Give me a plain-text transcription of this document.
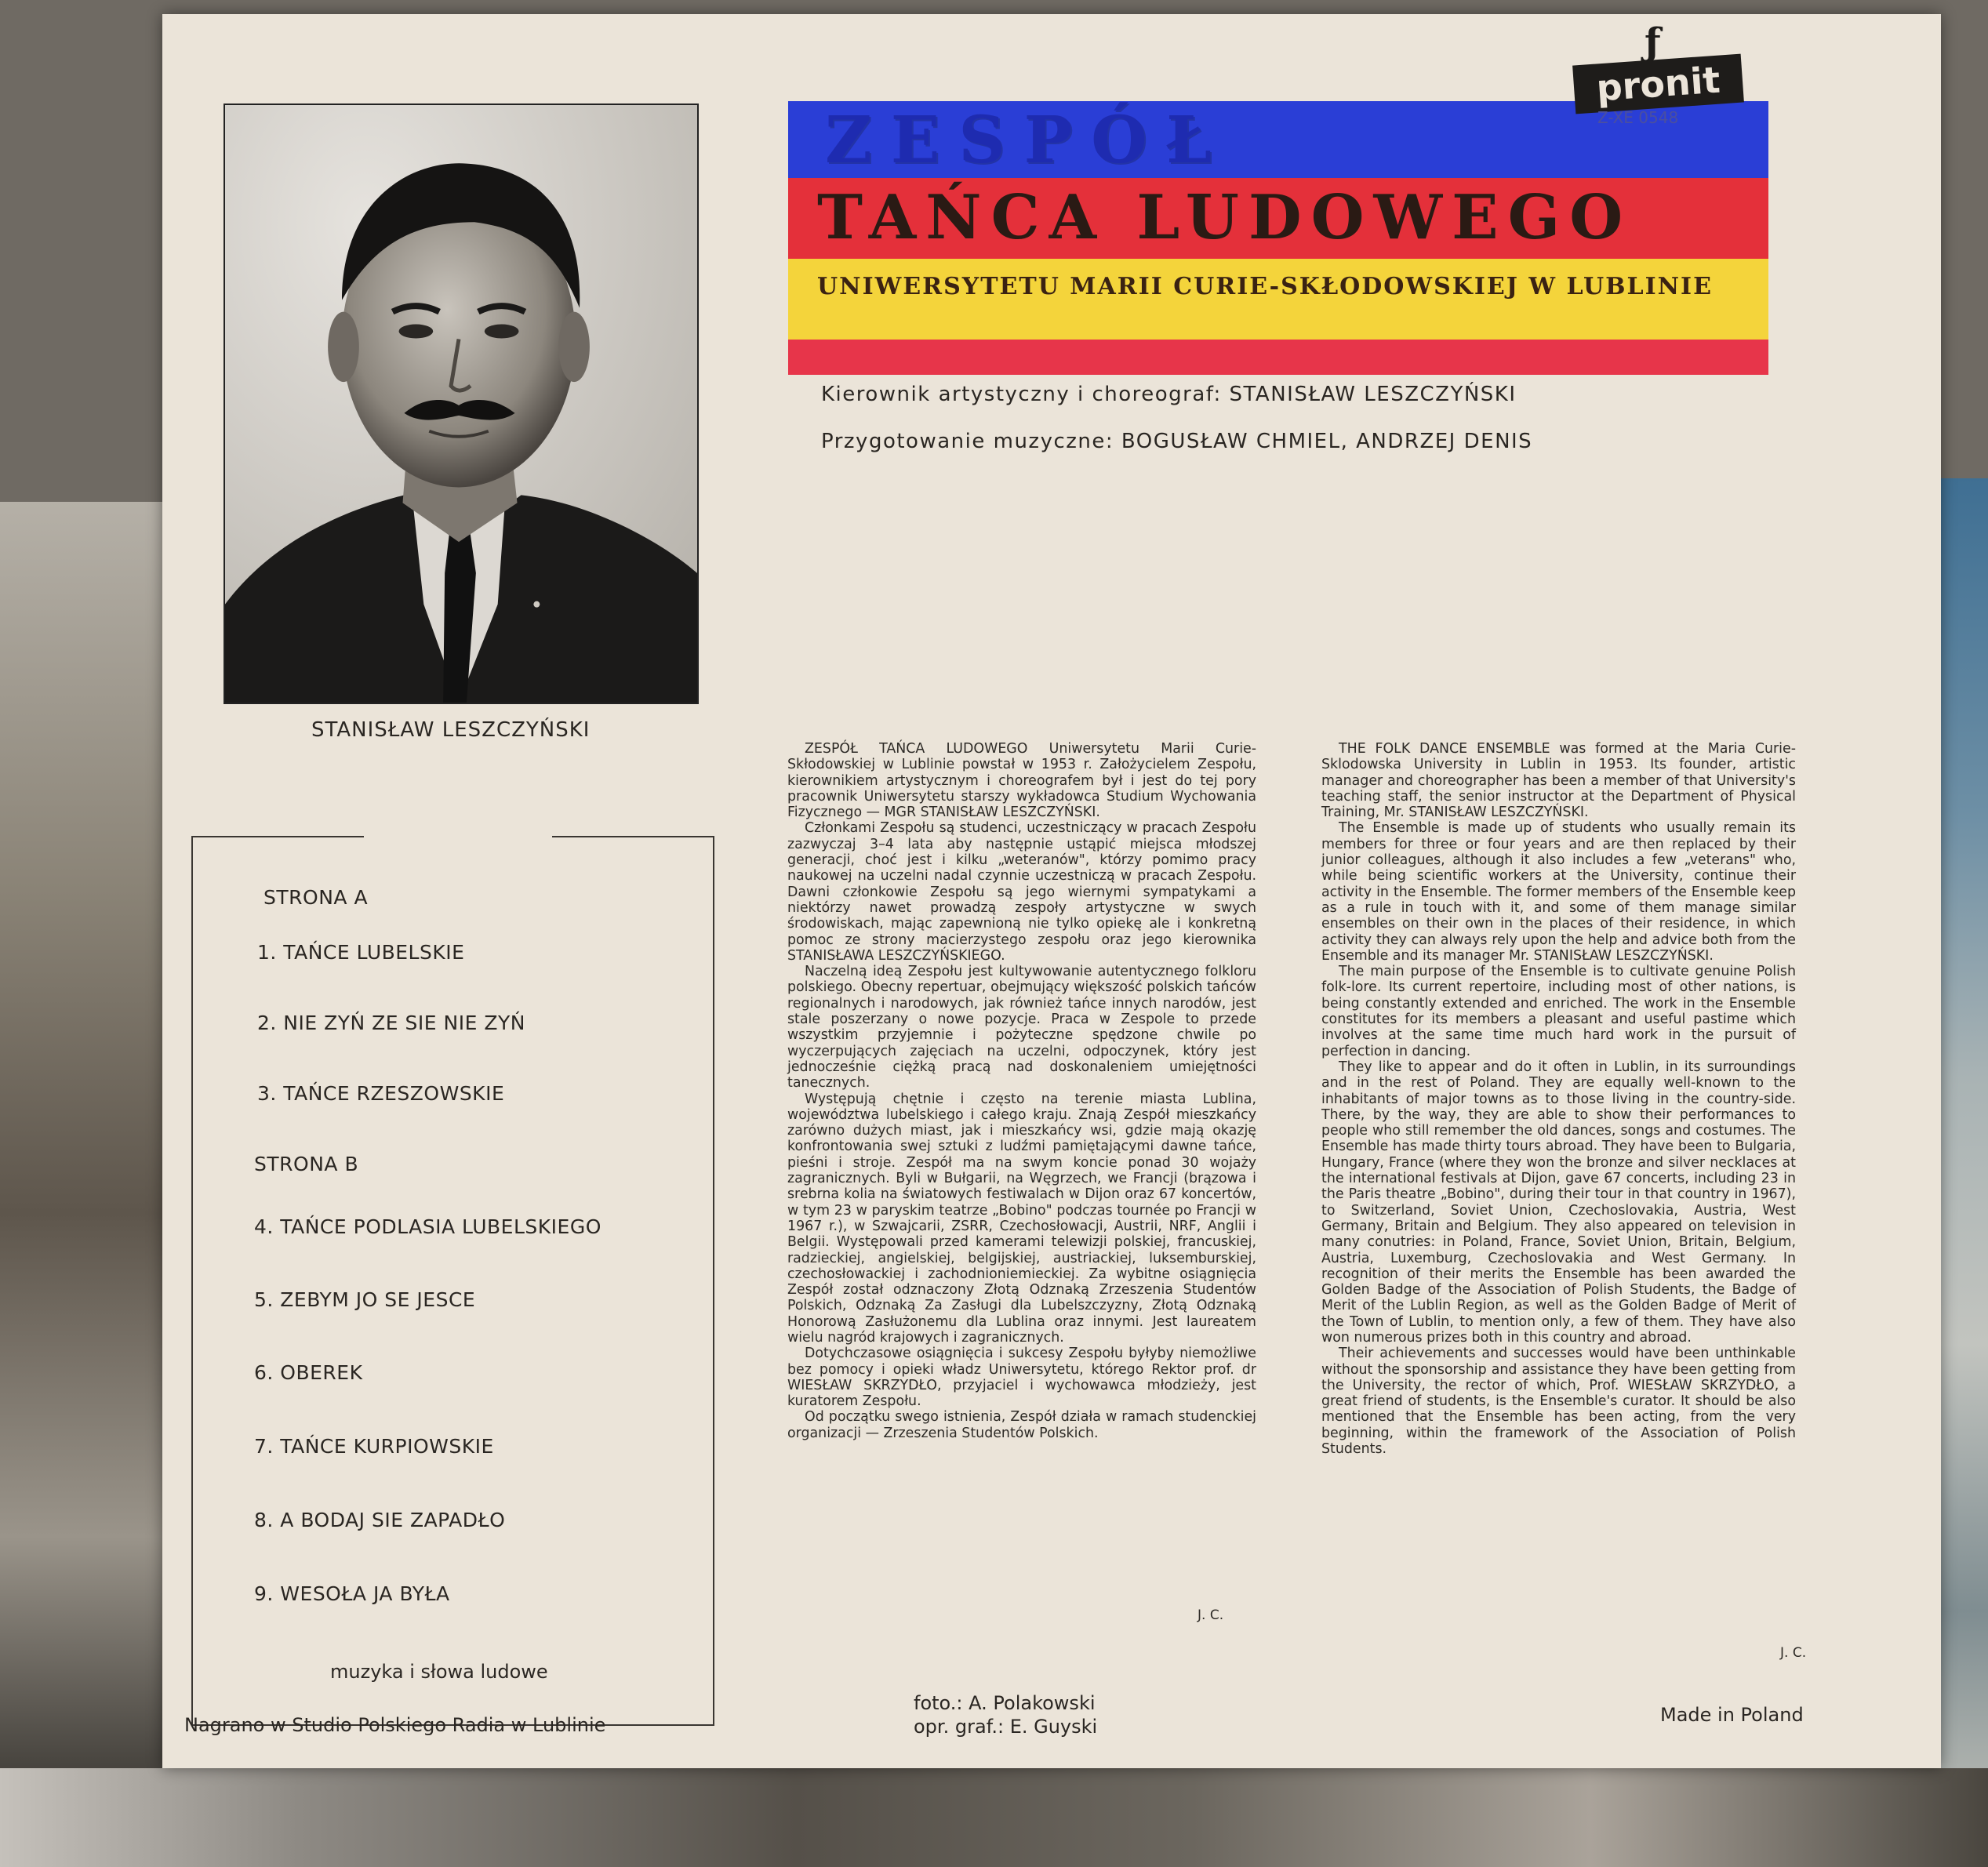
STANISŁAW LESZCZYŃSKI
ƒ
pronit
Z-XE 0548
ZESPÓŁ
TAŃCA LUDOWEGO
UNIWERSYTETU MARII CURIE-SKŁODOWSKIEJ W LUBLINIE
Kierownik artystyczny i choreograf: STANISŁAW LESZCZYŃSKI
Przygotowanie muzyczne: BOGUSŁAW CHMIEL, ANDRZEJ DENIS
STRONA A
1. TAŃCE LUBELSKIE
2. NIE ZYŃ ZE SIE NIE ZYŃ
3. TAŃCE RZESZOWSKIE
STRONA B
4. TAŃCE PODLASIA LUBELSKIEGO
5. ZEBYM JO SE JESCE
6. OBEREK
7. TAŃCE KURPIOWSKIE
8. A BODAJ SIE ZAPADŁO
9. WESOŁA JA BYŁA
muzyka i słowa ludowe

ZESPÓŁ TAŃCA LUDOWEGO Uniwersytetu Marii Curie-Skłodowskiej w Lublinie powstał w 1953 r. Założycielem Zespołu, kierownikiem artystycznym i choreografem był i jest do tej pory pracownik Uniwersytetu starszy wykładowca Studium Wychowania Fizycznego — MGR STANISŁAW LESZCZYŃSKI.

Członkami Zespołu są studenci, uczestniczący w pracach Zespołu zazwyczaj 3–4 lata aby następnie ustąpić miejsca młodszej generacji, choć jest i kilku „weteranów", którzy pomimo pracy naukowej na uczelni nadal czynnie uczestniczą w pracach Zespołu. Dawni członkowie Zespołu są jego wiernymi sympatykami a niektórzy nawet prowadzą zespoły artystyczne w swych środowiskach, mając zapewnioną nie tylko opiekę ale i konkretną pomoc ze strony macierzystego zespołu oraz jego kierownika STANISŁAWA LESZCZYŃSKIEGO.

Naczelną ideą Zespołu jest kultywowanie autentycznego folkloru polskiego. Obecny repertuar, obejmujący większość polskich tańców regionalnych i narodowych, jak również tańce innych narodów, jest stale poszerzany o nowe pozycje. Praca w Zespole to przede wszystkim przyjemnie i pożyteczne spędzone chwile po wyczerpujących zajęciach na uczelni, odpoczynek, który jest jednocześnie ciężką pracą nad doskonaleniem umiejętności tanecznych.

Występują chętnie i często na terenie miasta Lublina, województwa lubelskiego i całego kraju. Znają Zespół mieszkańcy zarówno dużych miast, jak i mieszkańcy wsi, gdzie mają okazję konfrontowania swej sztuki z ludźmi pamiętającymi dawne tańce, pieśni i stroje. Zespół ma na swym koncie ponad 30 wojaży zagranicznych. Byli w Bułgarii, na Węgrzech, we Francji (brązowa i srebrna kolia na światowych festiwalach w Dijon oraz 67 koncertów, w tym 23 w paryskim teatrze „Bobino" podczas tournée po Francji w 1967 r.), w Szwajcarii, ZSRR, Czechosłowacji, Austrii, NRF, Anglii i Belgii. Występowali przed kamerami telewizji polskiej, francuskiej, radzieckiej, angielskiej, belgijskiej, austriackiej, luksemburskiej, czechosłowackiej i zachodnioniemieckiej. Za wybitne osiągnięcia Zespół został odznaczony Złotą Odznaką Zrzeszenia Studentów Polskich, Odznaką Za Zasługi dla Lubelszczyzny, Złotą Odznaką Honorową Zasłużonemu dla Lublina oraz innymi. Jest laureatem wielu nagród krajowych i zagranicznych.

Dotychczasowe osiągnięcia i sukcesy Zespołu byłyby niemożliwe bez pomocy i opieki władz Uniwersytetu, którego Rektor prof. dr WIESŁAW SKRZYDŁO, przyjaciel i wychowawca młodzieży, jest kuratorem Zespołu.

Od początku swego istnienia, Zespół działa w ramach studenckiej organizacji — Zrzeszenia Studentów Polskich.

J. C.

THE FOLK DANCE ENSEMBLE was formed at the Maria Curie-Sklodowska University in Lublin in 1953. Its founder, artistic manager and choreographer has been a member of that University's teaching staff, the senior instructor at the Department of Physical Training, Mr. STANISŁAW LESZCZYŃSKI.

The Ensemble is made up of students who usually remain its members for three or four years and are then replaced by their junior colleagues, although it also includes a few „veterans" who, while being scientific workers at the University, continue their activity in the Ensemble. The former members of the Ensemble keep as a rule in touch with it, and some of them manage similar ensembles on their own in the places of their residence, in which activity they can always rely upon the help and advice both from the Ensemble and its manager Mr. STANISŁAW LESZCZYŃSKI.

The main purpose of the Ensemble is to cultivate genuine Polish folk-lore. Its current repertoire, including most of other nations, is being constantly extended and enriched. The work in the Ensemble constitutes for its members a pleasant and useful pastime which involves at the same time much hard work in the pursuit of perfection in dancing.

They like to appear and do it often in Lublin, in its surroundings and in the rest of Poland. They are equally well-known to the inhabitants of major towns as to those living in the country-side. There, by the way, they are able to show their performances to people who still remember the old dances, songs and costumes. The Ensemble has made thirty tours abroad. They have been to Bulgaria, Hungary, France (where they won the bronze and silver necklaces at the international festivals at Dijon, gave 67 concerts, including 23 in the Paris theatre „Bobino", during their tour in that country in 1967), to Switzerland, Soviet Union, Czechoslovakia, Austria, West Germany, Britain and Belgium. They also appeared on television in many conutries: in Poland, France, Soviet Union, Britain, Belgium, Austria, Luxemburg, Czechoslovakia and West Germany. In recognition of their merits the Ensemble has been awarded the Golden Badge of the Association of Polish Students, the Badge of Merit of the Lublin Region, as well as the Golden Badge of Merit of the Town of Lublin, to mention only, a few of them. They have also won numerous prizes both in this country and abroad.

Their achievements and successes would have been unthinkable without the sponsorship and assistance they have been getting from the University, the rector of which, Prof. WIESŁAW SKRZYDŁO, a great friend of students, is the Ensemble's curator. It should be also mentioned that the Ensemble has been acting, from the very beginning, within the framework of the Association of Polish Students.

J. C.
Nagrano w Studio Polskiego Radia w Lublinie
foto.: A. Polakowski
opr. graf.: E. Guyski
Made in Poland
